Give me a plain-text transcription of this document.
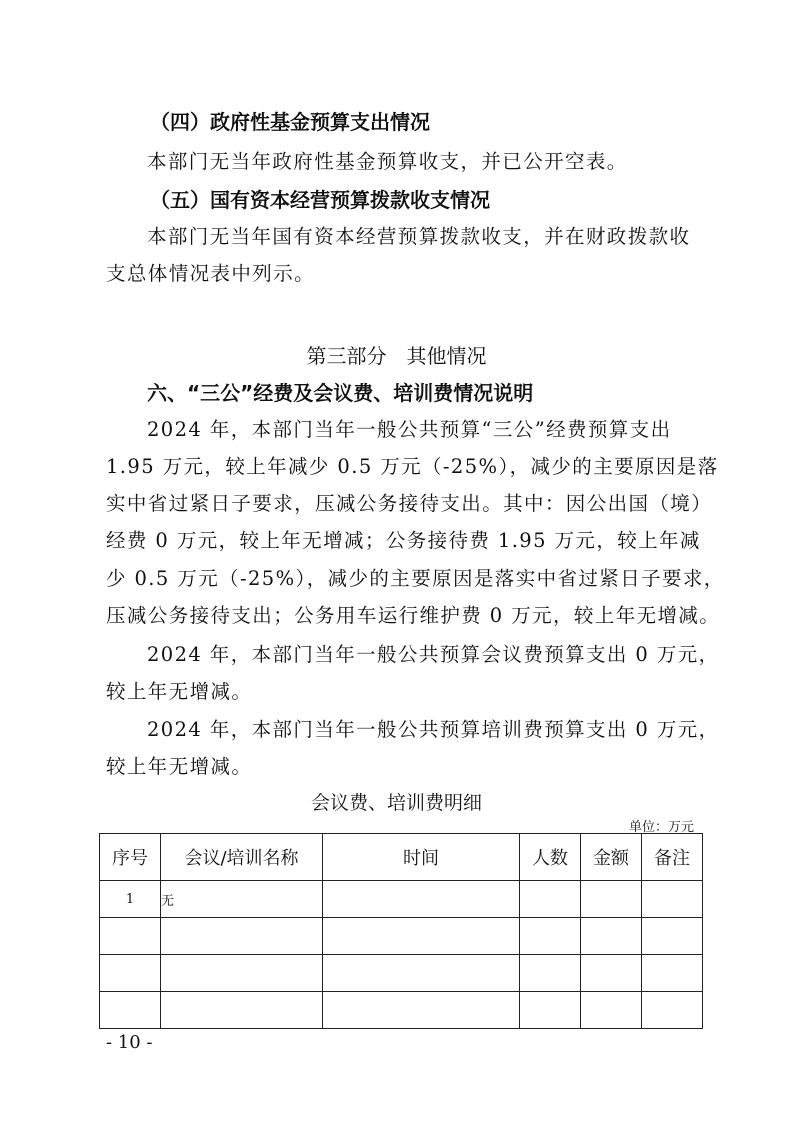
（四）政府性基金预算支出情况
本部门无当年政府性基金预算收支，并已公开空表。
（五）国有资本经营预算拨款收支情况
本部门无当年国有资本经营预算拨款收支，并在财政拨款收
支总体情况表中列示。
第三部分　其他情况
六、“三公”经费及会议费、培训费情况说明
2024 年，本部门当年一般公共预算“三公”经费预算支出
1.95 万元，较上年减少 0.5 万元（-25%），减少的主要原因是落
实中省过紧日子要求，压减公务接待支出。其中：因公出国（境）
经费 0 万元，较上年无增减；公务接待费 1.95 万元，较上年减
少 0.5 万元（-25%），减少的主要原因是落实中省过紧日子要求，
压减公务接待支出；公务用车运行维护费 0 万元，较上年无增减。
2024 年，本部门当年一般公共预算会议费预算支出 0 万元，
较上年无增减。
2024 年，本部门当年一般公共预算培训费预算支出 0 万元，
较上年无增减。
会议费、培训费明细
单位：万元
序号	会议/培训名称	时间	人数	金额	备注
1	无				

- 10 -
